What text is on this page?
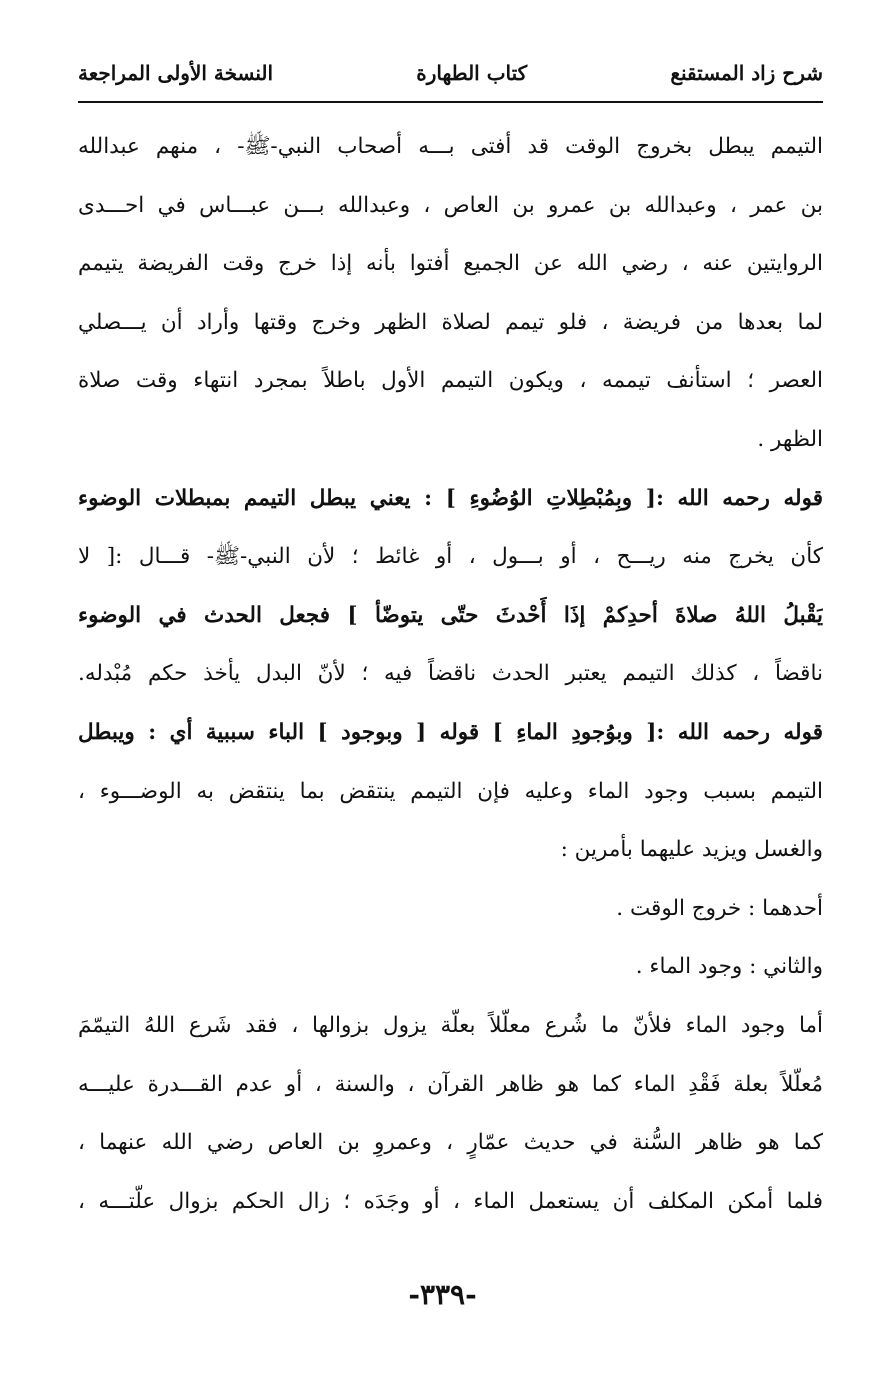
شرح زاد المستقنع
كتاب الطهارة
النسخة الأولى المراجعة
التيمم يبطل بخروج الوقت قد أفتى بـــه أصحاب النبي-ﷺ- ، منهم عبدالله
بن عمر ، وعبدالله بن عمرو بن العاص ، وعبدالله بـــن عبـــاس في احـــدى
الروايتين عنه ، رضي الله عن الجميع أفتوا بأنه إذا خرج وقت الفريضة يتيمم
لما بعدها من فريضة ، فلو تيمم لصلاة الظهر وخرج وقتها وأراد أن يـــصلي
العصر ؛ استأنف تيممه ، ويكون التيمم الأول باطلاً بمجرد انتهاء وقت صلاة
الظهر .
قوله رحمه الله :[ وبِمُبْطِلاتِ الوُضُوءِ ] : يعني يبطل التيمم بمبطلات الوضوء
كأن يخرج منه ريـــح ، أو بـــول ، أو غائط ؛ لأن النبي-ﷺ- قـــال :[ لا
يَقْبلُ اللهُ صلاةَ أحدِكمْ إذَا أَحْدثَ حتّى يتوضّأ ] فجعل الحدث في الوضوء
ناقضاً ، كذلك التيمم يعتبر الحدث ناقضاً فيه ؛ لأنّ البدل يأخذ حكم مُبْدله.
قوله رحمه الله :[ وبوُجودِ الماءِ ] قوله [ وبوجود ] الباء سببية أي : ويبطل
التيمم بسبب وجود الماء وعليه فإن التيمم ينتقض بما ينتقض به الوضـــوء ،
والغسل ويزيد عليهما بأمرين :
أحدهما : خروج الوقت .
والثاني : وجود الماء .
أما وجود الماء فلأنّ ما شُرع معلّلاً بعلّة يزول بزوالها ، فقد شَرع اللهُ التيمّمَ
مُعلّلاً بعلة فَقْدِ الماء كما هو ظاهر القرآن ، والسنة ، أو عدم القـــدرة عليـــه
كما هو ظاهر السُّنة في حديث عمّارٍ ، وعمروِ بن العاص رضي الله عنهما ،
فلما أمكن المكلف أن يستعمل الماء ، أو وجَدَه ؛ زال الحكم بزوال علّتـــه ،
-٣٣٩-
